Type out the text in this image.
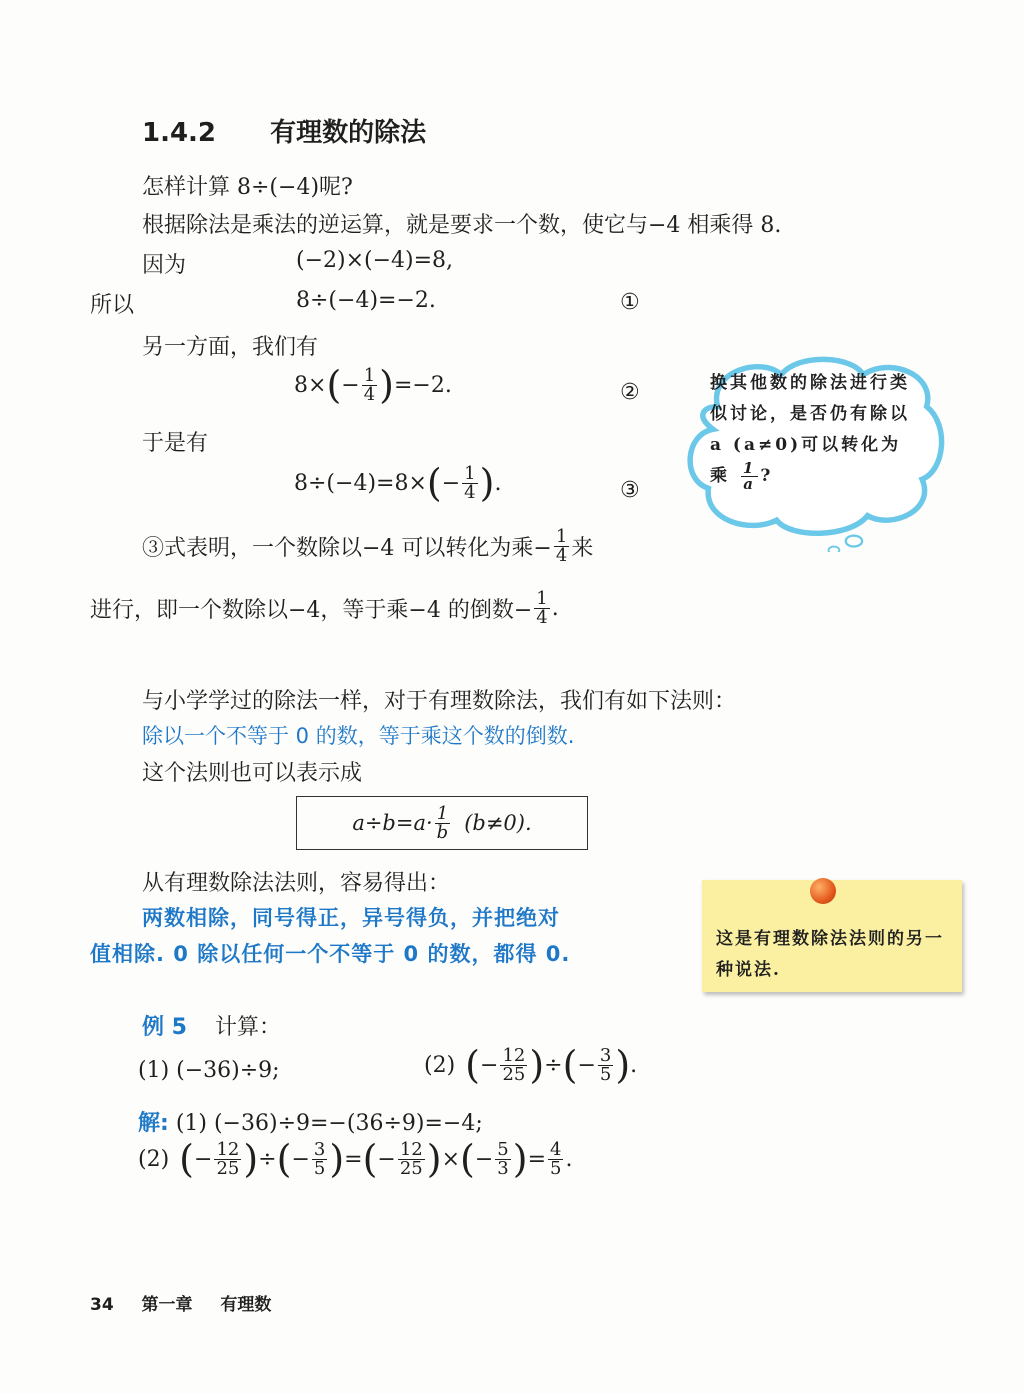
1.4.2 有理数的除法
怎样计算 8÷(−4)呢?
根据除法是乘法的逆运算，就是要求一个数，使它与−4 相乘得 8.
因为	(−2)×(−4)=8,
所以	8÷(−4)=−2.	①
另一方面，我们有
8× ( − $\frac{1}{4}$ ) =−2.	②
于是有
8÷(−4)=8× ( − $\frac{1}{4}$ ) .	③
③式表明，一个数除以−4 可以转化为乘− $\frac{1}{4}$ 来
进行，即一个数除以−4，等于乘−4 的倒数− $\frac{1}{4}$ .
换其他数的除法进行类似讨论，是否仍有除以 a (a≠0)可以转化为乘 $\frac{1}{a}$ ?
与小学学过的除法一样，对于有理数除法，我们有如下法则：
除以一个不等于 0 的数，等于乘这个数的倒数.
这个法则也可以表示成
$a\div b=a\cdot \frac{1}{b} (b\ne 0)$.
从有理数除法法则，容易得出：
两数相除，同号得正，异号得负，并把绝对
值相除. 0 除以任何一个不等于 0 的数，都得 0.
这是有理数除法法则的另一种说法.
例 5 计算：
(1) (−36)÷9;	(2) ( − $\frac{12}{25}$ ) ÷ ( − $\frac{3}{5}$ ) .
解: (1) (−36)÷9=−(36÷9)=−4;
(2) ( − $\frac{12}{25}$ ) ÷ ( − $\frac{3}{5}$ ) = ( − $\frac{12}{25}$ ) × ( − $\frac{5}{3}$ ) = $\frac{4}{5}$ .
34 第一章 有理数
